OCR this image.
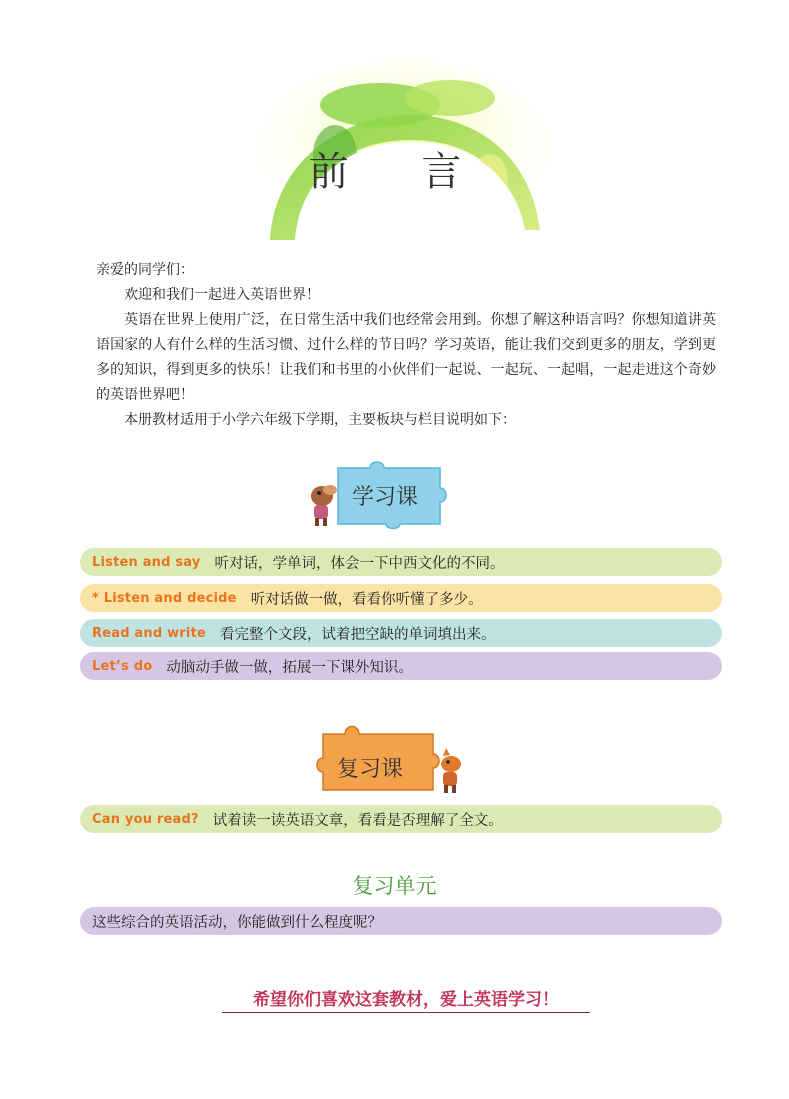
前 言

亲爱的同学们：

欢迎和我们一起进入英语世界！

英语在世界上使用广泛，在日常生活中我们也经常会用到。你想了解这种语言吗？你想知道讲英语国家的人有什么样的生活习惯、过什么样的节日吗？学习英语，能让我们交到更多的朋友，学到更多的知识，得到更多的快乐！让我们和书里的小伙伴们一起说、一起玩、一起唱，一起走进这个奇妙的英语世界吧！

本册教材适用于小学六年级下学期，主要板块与栏目说明如下：

学习课
Listen and say 听对话，学单词，体会一下中西文化的不同。
* Listen and decide 听对话做一做，看看你听懂了多少。
Read and write 看完整个文段，试着把空缺的单词填出来。
Let’s do 动脑动手做一做，拓展一下课外知识。
复习课
Can you read? 试着读一读英语文章，看看是否理解了全文。
复习单元
这些综合的英语活动，你能做到什么程度呢？
希望你们喜欢这套教材，爱上英语学习！
